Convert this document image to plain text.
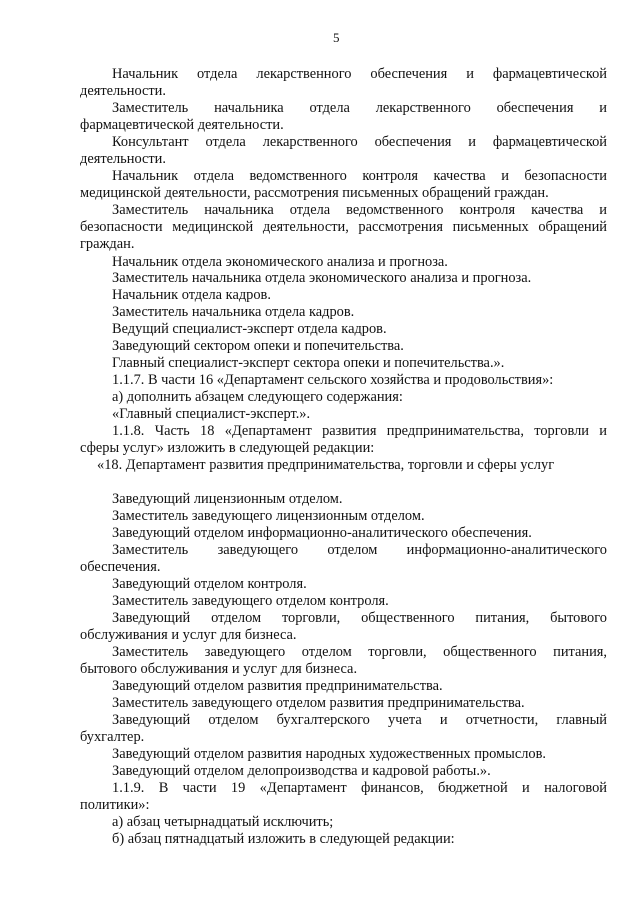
5
Начальник отдела лекарственного обеспечения и фармацевтической
деятельности.
Заместитель начальника отдела лекарственного обеспечения и
фармацевтической деятельности.
Консультант отдела лекарственного обеспечения и фармацевтической
деятельности.
Начальник отдела ведомственного контроля качества и безопасности
медицинской деятельности, рассмотрения письменных обращений граждан.
Заместитель начальника отдела ведомственного контроля качества и
безопасности медицинской деятельности, рассмотрения письменных обращений
граждан.
Начальник отдела экономического анализа и прогноза.
Заместитель начальника отдела экономического анализа и прогноза.
Начальник отдела кадров.
Заместитель начальника отдела кадров.
Ведущий специалист-эксперт отдела кадров.
Заведующий сектором опеки и попечительства.
Главный специалист-эксперт сектора опеки и попечительства.».
1.1.7. В части 16 «Департамент сельского хозяйства и продовольствия»:
а) дополнить абзацем следующего содержания:
«Главный специалист-эксперт.».
1.1.8. Часть 18 «Департамент развития предпринимательства, торговли и
сферы услуг» изложить в следующей редакции:
«18. Департамент развития предпринимательства, торговли и сферы услуг
Заведующий лицензионным отделом.
Заместитель заведующего лицензионным отделом.
Заведующий отделом информационно-аналитического обеспечения.
Заместитель заведующего отделом информационно-аналитического
обеспечения.
Заведующий отделом контроля.
Заместитель заведующего отделом контроля.
Заведующий отделом торговли, общественного питания, бытового
обслуживания и услуг для бизнеса.
Заместитель заведующего отделом торговли, общественного питания,
бытового обслуживания и услуг для бизнеса.
Заведующий отделом развития предпринимательства.
Заместитель заведующего отделом развития предпринимательства.
Заведующий отделом бухгалтерского учета и отчетности, главный
бухгалтер.
Заведующий отделом развития народных художественных промыслов.
Заведующий отделом делопроизводства и кадровой работы.».
1.1.9. В части 19 «Департамент финансов, бюджетной и налоговой
политики»:
а) абзац четырнадцатый исключить;
б) абзац пятнадцатый изложить в следующей редакции:
